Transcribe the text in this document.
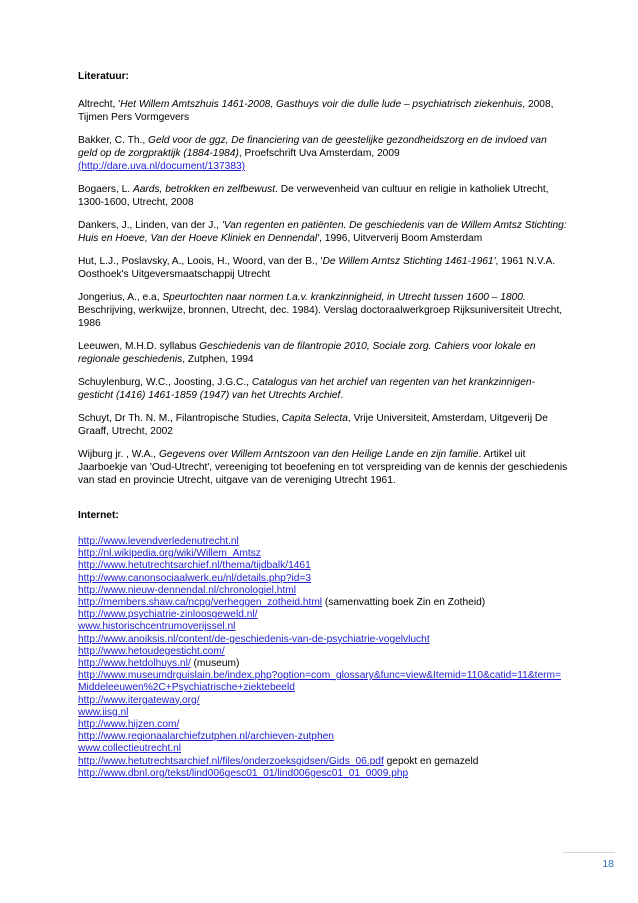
Literatuur:

Altrecht, 'Het Willem Amtszhuis 1461-2008, Gasthuys voir die dulle lude – psychiatrisch ziekenhuis, 2008, Tijmen Pers Vormgevers

Bakker, C. Th., Geld voor de ggz, De financiering van de geestelijke gezondheidszorg en de invloed van geld op de zorgpraktijk (1884-1984), Proefschrift Uva Amsterdam, 2009 (http://dare.uva.nl/document/137383)

Bogaers, L. Aards, betrokken en zelfbewust. De verwevenheid van cultuur en religie in katholiek Utrecht, 1300-1600, Utrecht, 2008

Dankers, J., Linden, van der J., 'Van regenten en patiënten. De geschiedenis van de Willem Amtsz Stichting: Huis en Hoeve, Van der Hoeve Kliniek en Dennendal', 1996, Uitververij Boom Amsterdam

Hut, L.J., Poslavsky, A., Loois, H., Woord, van der B., 'De Willem Arntsz Stichting 1461-1961', 1961 N.V.A. Oosthoek's Uitgeversmaatschappij Utrecht

Jongerius, A., e.a, Speurtochten naar normen t.a.v. krankzinnigheid, in Utrecht tussen 1600 – 1800. Beschrijving, werkwijze, bronnen, Utrecht, dec. 1984). Verslag doctoraalwerkgroep Rijksuniversiteit Utrecht, 1986

Leeuwen, M.H.D. syllabus Geschiedenis van de filantropie 2010, Sociale zorg. Cahiers voor lokale en regionale geschiedenis, Zutphen, 1994

Schuylenburg, W.C., Joosting, J.G.C., Catalogus van het archief van regenten van het krankzinnigen-gesticht (1416) 1461-1859 (1947) van het Utrechts Archief.

Schuyt, Dr Th. N. M., Filantropische Studies, Capita Selecta, Vrije Universiteit, Amsterdam, Uitgeverij De Graaff, Utrecht, 2002

Wijburg jr. , W.A., Gegevens over Willem Arntszoon van den Heilige Lande en zijn familie. Artikel uit Jaarboekje van 'Oud-Utrecht', vereeniging tot beoefening en tot verspreiding van de kennis der geschiedenis van stad en provincie Utrecht, uitgave van de vereniging Utrecht 1961.

Internet:

http://www.levendverledenutrecht.nl

http://nl.wikipedia.org/wiki/Willem_Amtsz

http://www.hetutrechtsarchief.nl/thema/tijdbalk/1461

http://www.canonsociaalwerk.eu/nl/details.php?id=3

http://www.nieuw-dennendal.nl/chronologiel.html

http://members.shaw.ca/ncpg/verheggen_zotheid.html (samenvatting boek Zin en Zotheid)

http://www.psychiatrie-zinloosgeweld.nl/

www.historischcentrumoverijssel.nl

http://www.anoiksis.nl/content/de-geschiedenis-van-de-psychiatrie-vogelvlucht

http://www.hetoudegesticht.com/

http://www.hetdolhuys.nl/ (museum)

http://www.museumdrguislain.be/index.php?option=com_glossary&func=view&Itemid=110&catid=11&term=Middeleeuwen%2C+Psychiatrische+ziektebeeld

http://www.itergateway.org/

www.iisg.nl

http://www.hijzen.com/

http://www.regionaalarchiefzutphen.nl/archieven-zutphen

www.collectieutrecht.nl

http://www.hetutrechtsarchief.nl/files/onderzoeksgidsen/Gids_06.pdf gepokt en gemazeld

http://www.dbnl.org/tekst/lind006gesc01_01/lind006gesc01_01_0009.php

18
